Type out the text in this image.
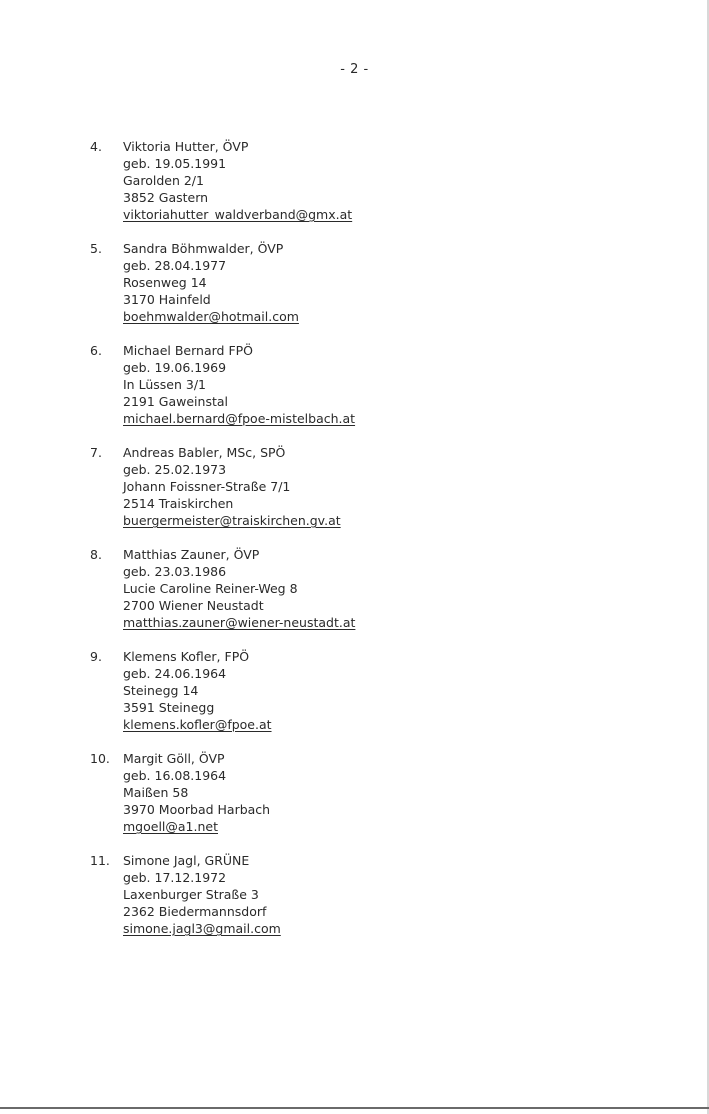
- 2 -
4.	Viktoria Hutter, ÖVP
geb. 19.05.1991
Garolden 2/1
3852 Gastern
viktoriahutter_waldverband@gmx.at
5.	Sandra Böhmwalder, ÖVP
geb. 28.04.1977
Rosenweg 14
3170 Hainfeld
boehmwalder@hotmail.com
6.	Michael Bernard FPÖ
geb. 19.06.1969
In Lüssen 3/1
2191 Gaweinstal
michael.bernard@fpoe-mistelbach.at
7.	Andreas Babler, MSc, SPÖ
geb. 25.02.1973
Johann Foissner-Straße 7/1
2514 Traiskirchen
buergermeister@traiskirchen.gv.at
8.	Matthias Zauner, ÖVP
geb. 23.03.1986
Lucie Caroline Reiner-Weg 8
2700 Wiener Neustadt
matthias.zauner@wiener-neustadt.at
9.	Klemens Kofler, FPÖ
geb. 24.06.1964
Steinegg 14
3591 Steinegg
klemens.kofler@fpoe.at
10.	Margit Göll, ÖVP
geb. 16.08.1964
Maißen 58
3970 Moorbad Harbach
mgoell@a1.net
11.	Simone Jagl, GRÜNE
geb. 17.12.1972
Laxenburger Straße 3
2362 Biedermannsdorf
simone.jagl3@gmail.com
